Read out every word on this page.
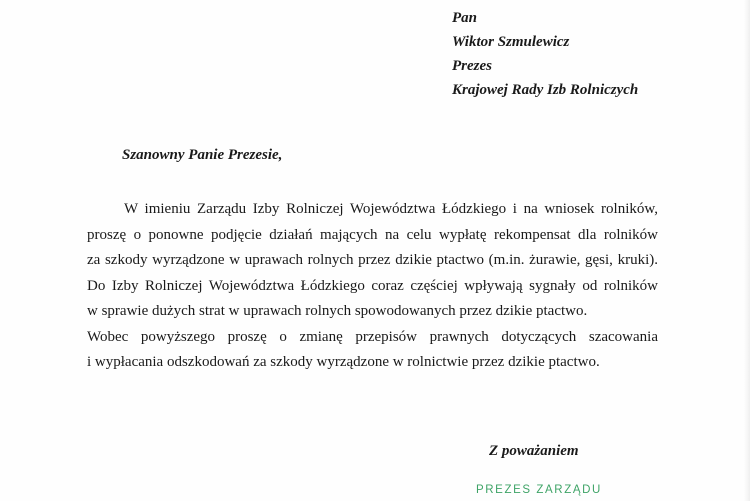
Pan
Wiktor Szmulewicz
Prezes
Krajowej Rady Izb Rolniczych
Szanowny Panie Prezesie,
W imieniu Zarządu Izby Rolniczej Województwa Łódzkiego i na wniosek rolników,
proszę o ponowne podjęcie działań mających na celu wypłatę rekompensat dla rolników
za szkody wyrządzone w uprawach rolnych przez dzikie ptactwo (m.in. żurawie, gęsi, kruki).
Do Izby Rolniczej Województwa Łódzkiego coraz częściej wpływają sygnały od rolników
w sprawie dużych strat w uprawach rolnych spowodowanych przez dzikie ptactwo.
Wobec powyższego proszę o zmianę przepisów prawnych dotyczących szacowania
i wypłacania odszkodowań za szkody wyrządzone w rolnictwie przez dzikie ptactwo.
Z poważaniem
PREZES ZARZĄDU
